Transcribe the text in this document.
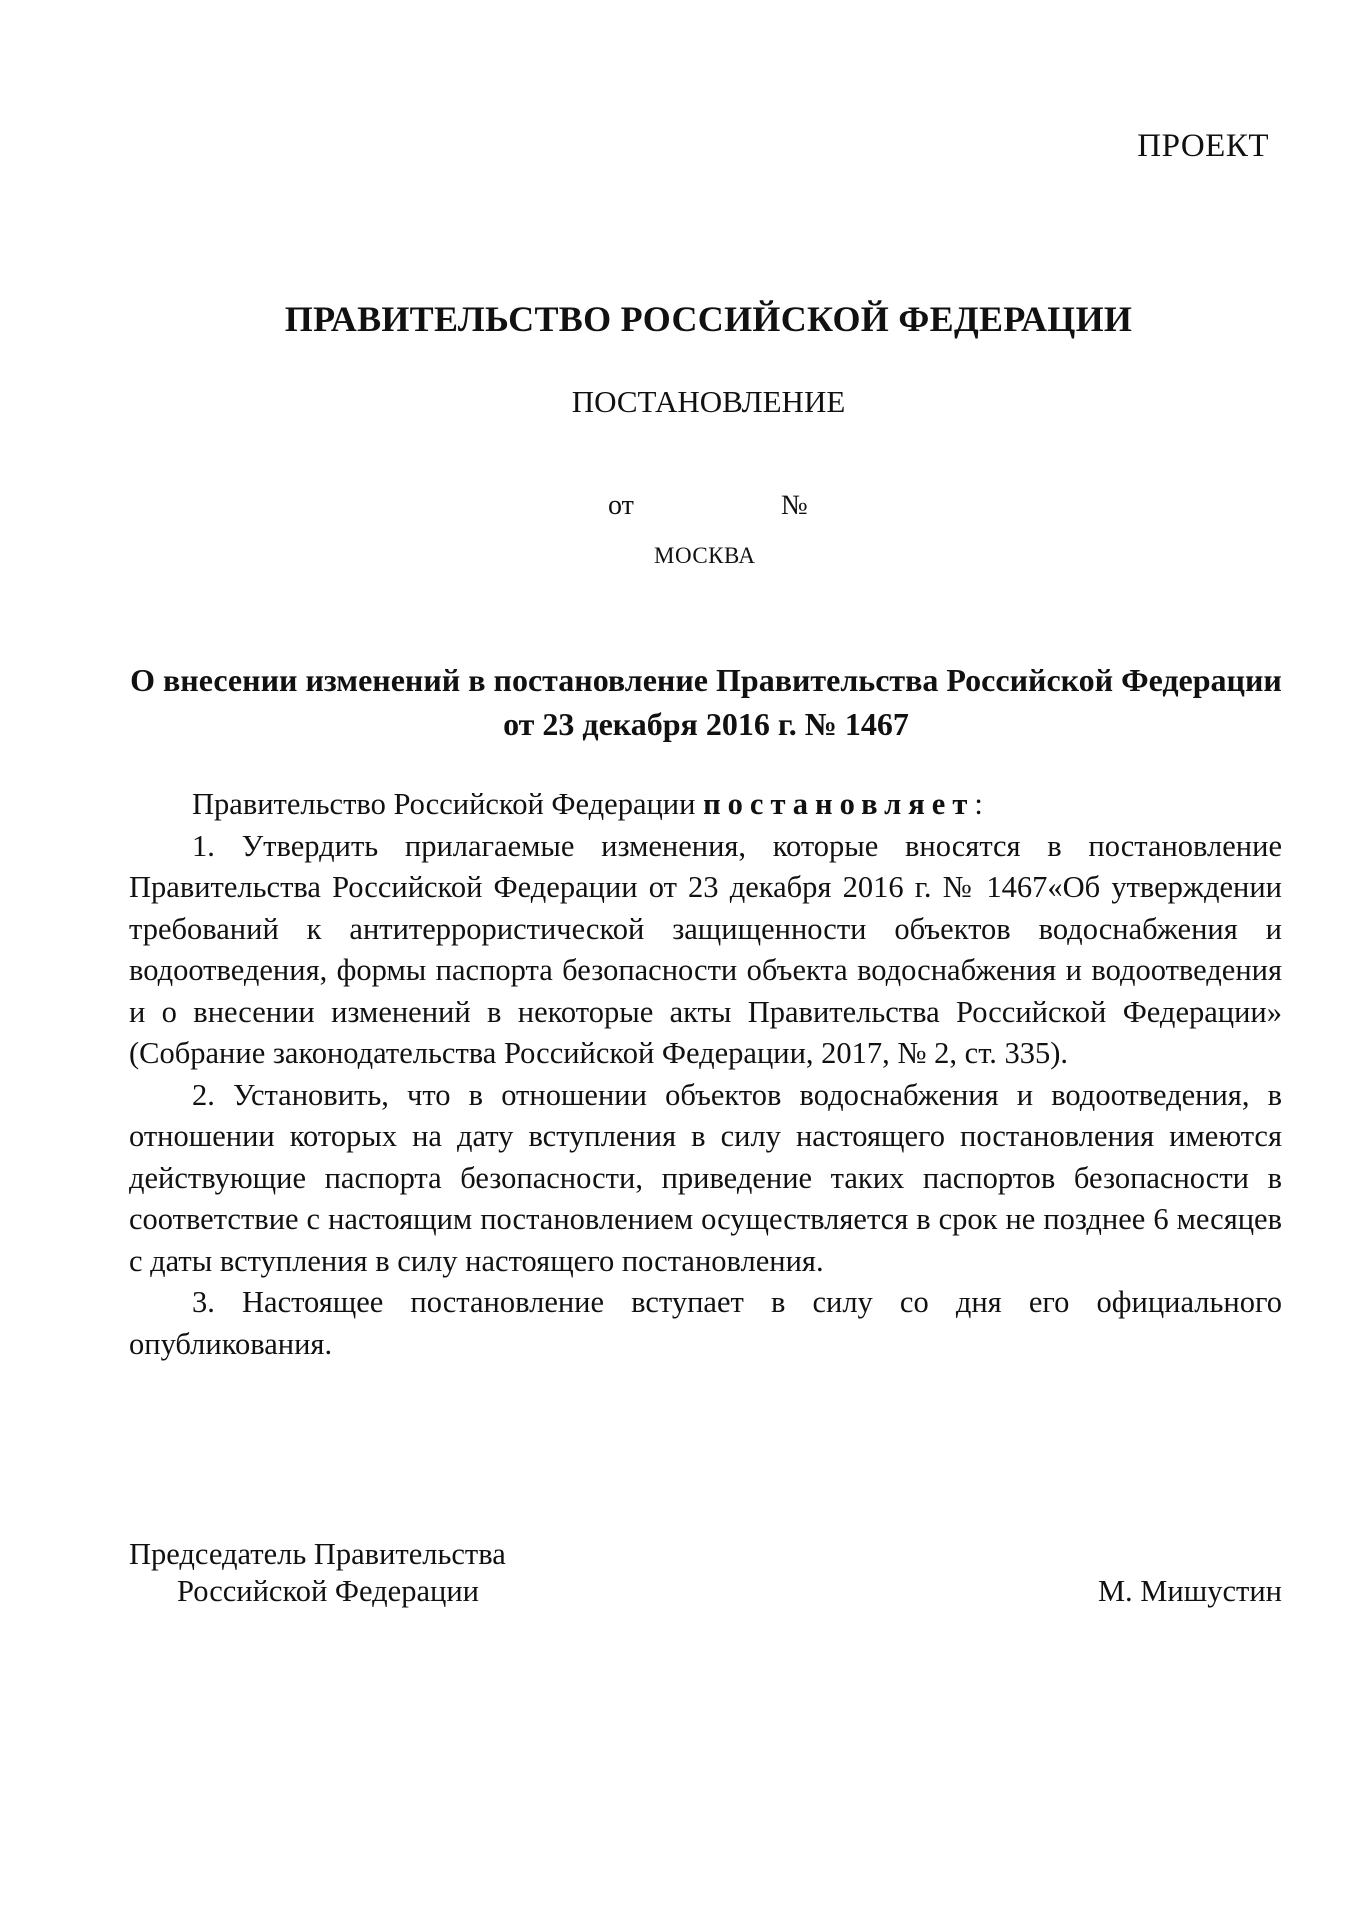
ПРОЕКТ
ПРАВИТЕЛЬСТВО РОССИЙСКОЙ ФЕДЕРАЦИИ
ПОСТАНОВЛЕНИЕ
от	№
МОСКВА
О внесении изменений в постановление Правительства Российской Федерации
от 23 декабря 2016 г. № 1467

Правительство Российской Федерации постановляет:

1. Утвердить прилагаемые изменения, которые вносятся в постановление Правительства Российской Федерации от 23 декабря 2016 г. № 1467«Об утверждении требований к антитеррористической защищенности объектов водоснабжения и водоотведения, формы паспорта безопасности объекта водоснабжения и водоотведения и о внесении изменений в некоторые акты Правительства Российской Федерации» (Собрание законодательства Российской Федерации, 2017, № 2, ст. 335).

2. Установить, что в отношении объектов водоснабжения и водоотведения, в отношении которых на дату вступления в силу настоящего постановления имеются действующие паспорта безопасности, приведение таких паспортов безопасности в соответствие с настоящим постановлением осуществляется в срок не позднее 6 месяцев с даты вступления в силу настоящего постановления.

3. Настоящее постановление вступает в силу со дня его официального опубликования.

Председатель Правительства
Российской Федерации	М. Мишустин
